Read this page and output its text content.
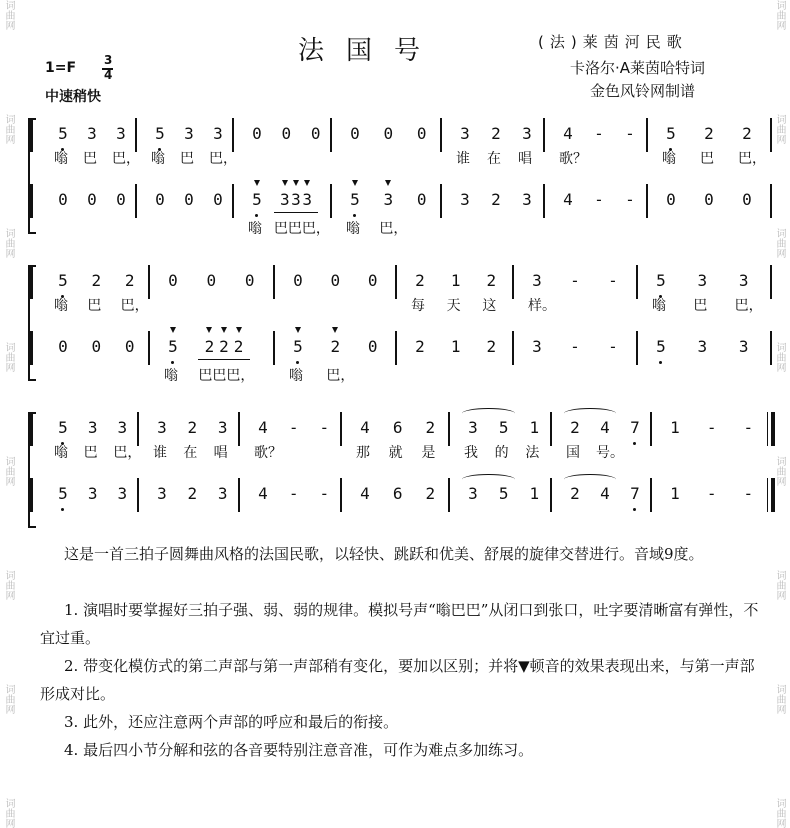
词曲网
词曲网
词曲网
词曲网
词曲网
词曲网
词曲网
词曲网
词曲网
词曲网
词曲网
词曲网
词曲网
词曲网
词曲网
词曲网
法国号	(法)莱茵河民歌
卡洛尔·A莱茵哈特词
金色风铃网制谱
1=F 3
4
中速稍快
5	3	3	5	3	3	0	0	0	0	0	0	3	2	3	4	-	-	5	2	2
嗡 巴 巴， 嗡 巴 巴，	谁 在 唱 歌？	嗡 巴 巴，
0	0	0	0	0	0	5	3 3 3	5	3	0	3	2	3	4	-	-	0	0	0
嗡 巴巴巴， 嗡 巴，
5	2	2	0	0	0	0	0	0	2	1	2	3	-	-	5	3	3
嗡 巴 巴，	每 天 这 样。	嗡 巴 巴，
0	0	0	5	2 2 2	5	2	0	2	1	2	3	-	-	5	3	3
嗡 巴巴巴， 嗡 巴，
5	3	3	3	2	3	4	-	-	4	6	2	3	5	1	2	4	7	1	-	-
嗡 巴 巴， 谁 在 唱 歌？	那 就 是 我 的 法 国 号。
5	3	3	3	2	3	4	-	-	4	6	2	3	5	1	2	4	7	1	-	-
这是一首三拍子圆舞曲风格的法国民歌，以轻快、跳跃和优美、舒展的旋律交替进行。音域9度。
1. 演唱时要掌握好三拍子强、弱、弱的规律。模拟号声“嗡巴巴”从闭口到张口，吐字要清晰富有弹性，不宜过重。
2. 带变化模仿式的第二声部与第一声部稍有变化，要加以区别；并将▼顿音的效果表现出来，与第一声部形成对比。
3. 此外，还应注意两个声部的呼应和最后的衔接。
4. 最后四小节分解和弦的各音要特别注意音准，可作为难点多加练习。
